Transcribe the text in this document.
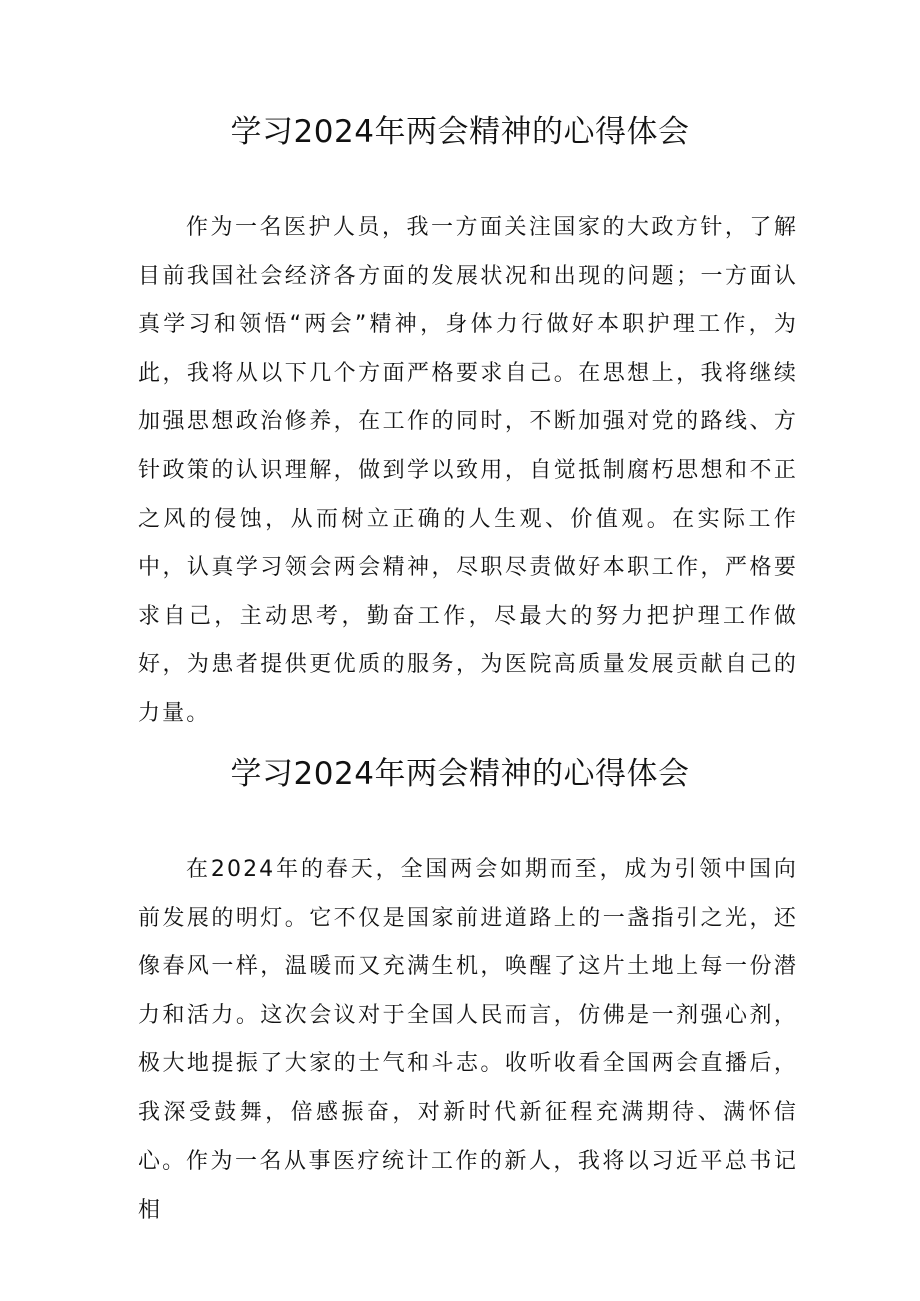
学习2024年两会精神的心得体会

作为一名医护人员，我一方面关注国家的大政方针，了解目前我国社会经济各方面的发展状况和出现的问题；一方面认真学习和领悟“两会”精神，身体力行做好本职护理工作，为此，我将从以下几个方面严格要求自己。在思想上，我将继续加强思想政治修养，在工作的同时，不断加强对党的路线、方针政策的认识理解，做到学以致用，自觉抵制腐朽思想和不正之风的侵蚀，从而树立正确的人生观、价值观。在实际工作中，认真学习领会两会精神，尽职尽责做好本职工作，严格要求自己，主动思考，勤奋工作，尽最大的努力把护理工作做好，为患者提供更优质的服务，为医院高质量发展贡献自己的力量。

学习2024年两会精神的心得体会

在2024年的春天，全国两会如期而至，成为引领中国向前发展的明灯。它不仅是国家前进道路上的一盏指引之光，还像春风一样，温暖而又充满生机，唤醒了这片土地上每一份潜力和活力。这次会议对于全国人民而言，仿佛是一剂强心剂，极大地提振了大家的士气和斗志。收听收看全国两会直播后，我深受鼓舞，倍感振奋，对新时代新征程充满期待、满怀信心。 作为一名从事医疗统计工作的新人，我将以习近平总书记相
